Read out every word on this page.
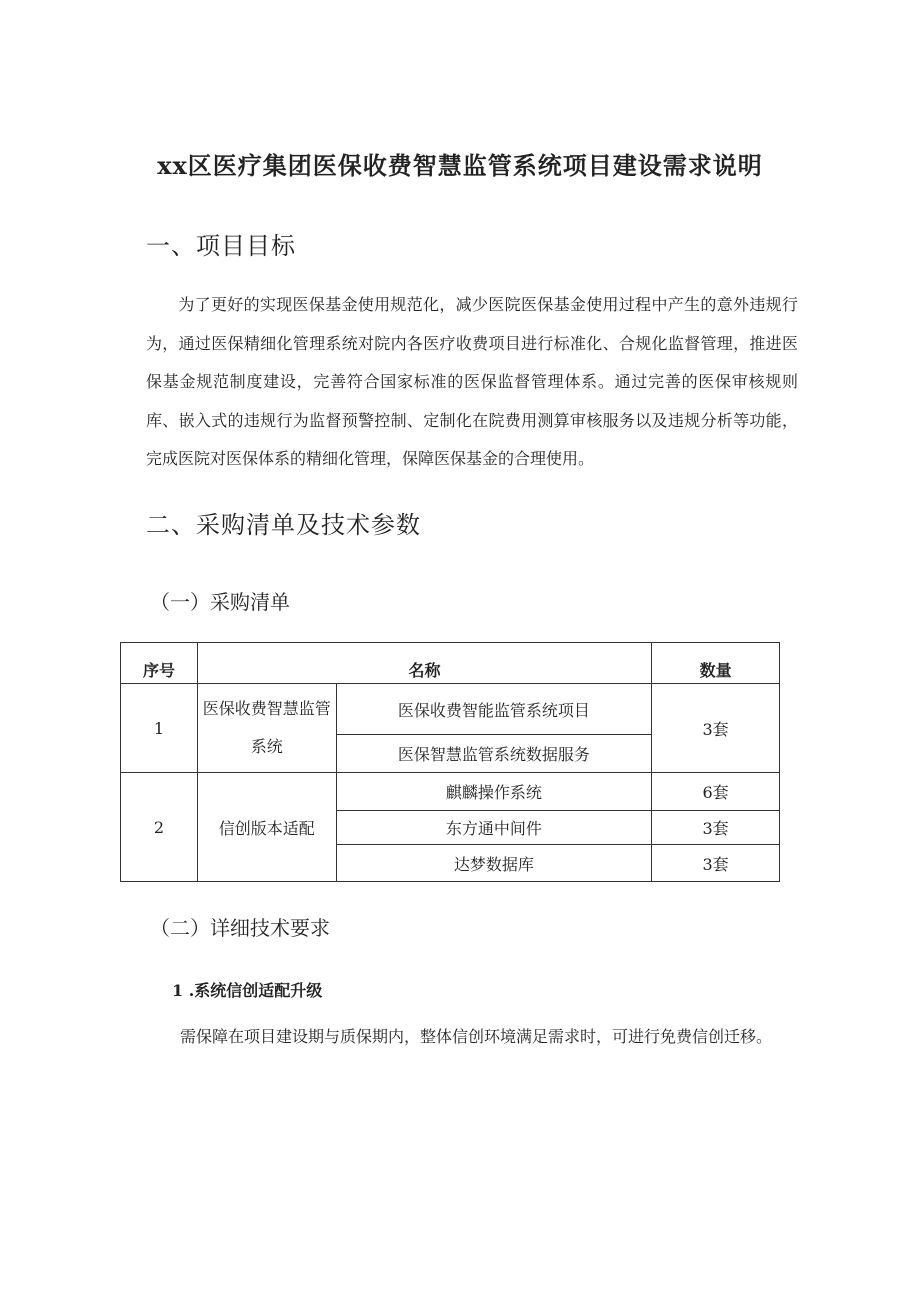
xx区医疗集团医保收费智慧监管系统项目建设需求说明
一、项目目标

为了更好的实现医保基金使用规范化，减少医院医保基金使用过程中产生的意外违规行为，通过医保精细化管理系统对院内各医疗收费项目进行标准化、合规化监督管理，推进医保基金规范制度建设，完善符合国家标准的医保监督管理体系。通过完善的医保审核规则库、嵌入式的违规行为监督预警控制、定制化在院费用测算审核服务以及违规分析等功能，完成医院对医保体系的精细化管理，保障医保基金的合理使用。

二、采购清单及技术参数
（一）采购清单
序号	名称		数量
1	医保收费智慧监管系统	医保收费智能监管系统项目	3套
		医保智慧监管系统数据服务	
2	信创版本适配	麒麟操作系统	6套
		东方通中间件	3套
		达梦数据库	3套
（二）详细技术要求
1 .系统信创适配升级

需保障在项目建设期与质保期内，整体信创环境满足需求时，可进行免费信创迁移。
